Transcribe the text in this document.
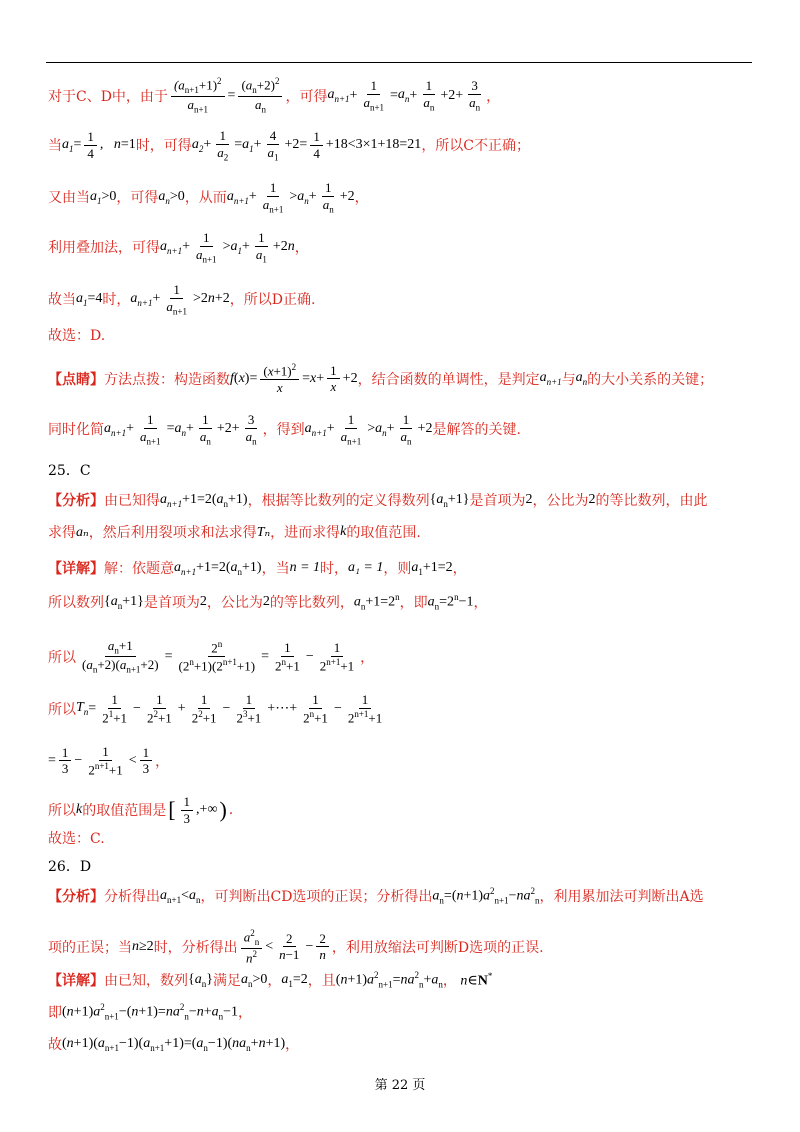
对于C、D中，由于 $\frac{(a_{n+1}+1)^2}{a_{n+1}} = \frac{(a_n+2)^2}{a_n}$ ，可得 $a_{n+1} + \frac{1}{a_{n+1}} = a_n + \frac{1}{a_n} +2+ \frac{3}{a_n}$ ，
当 $a_1 = \frac{1}{4}$ , n =1 时，可得 $a_2 + \frac{1}{a_2} = a_1 + \frac{4}{a_1} +2= \frac{1}{4} +18<3\times 1+18=21$ ，所以C不正确；
又由当 $a_1 >0$ ，可得 $a_n >0$ ，从而 $a_{n+1} + \frac{1}{a_{n+1}} > a_n + \frac{1}{a_n} +2$ ，
利用叠加法，可得 $a_{n+1} + \frac{1}{a_{n+1}} > a_1 + \frac{1}{a_1} +2n$ ，
故当 $a_1 =4$ 时， $a_{n+1} + \frac{1}{a_{n+1}} >2n+2$ ，所以D正确.
故选：D.
【点睛】 方法点拨：构造函数 f $(x)= \frac{(x+1)^2}{x} =x+ \frac{1}{x} +2$ ，结合函数的单调性，是判定 $a_{n+1}$ 与 $a_n$ 的大小关系的关键；
同时化简 $a_{n+1} + \frac{1}{a_{n+1}} = a_n + \frac{1}{a_n} +2+ \frac{3}{a_n}$ ，得到 $a_{n+1} + \frac{1}{a_{n+1}} > a_n + \frac{1}{a_n} +2$ 是解答的关键.
25．C
【分析】 由已知得 $a_{n+1} +1=2(a_n+1)$ ，根据等比数列的定义得数列 $\{a_n+1\}$ 是首项为 2 ，公比为 2 的等比数列，由此
求得 aₙ ，然后利用裂项求和法求得 Tₙ ，进而求得 k 的取值范围.
【详解】 解：依题意 $a_{n+1} +1=2(a_n+1)$ ，当 n = 1 时， a₁ = 1 ，则 $a_1+1=2$ ，
所以数列 $\{a_n+1\}$ 是首项为 2 ，公比为 2 的等比数列， $a_n+1=2^n$ ，即 $a_n=2^n-1$ ，
所以 $\frac{a_n+1}{(a_n+2)(a_{n+1}+2)} = \frac{2^n}{(2^n+1)(2^{n+1}+1)} = \frac{1}{2^n+1} - \frac{1}{2^{n+1}+1}$ ，
所以 $T_n = \frac{1}{2^1+1} - \frac{1}{2^2+1} + \frac{1}{2^2+1} - \frac{1}{2^3+1}$ +⋯+ $\frac{1}{2^n+1} - \frac{1}{2^{n+1}+1}$
= $\frac{1}{3} - \frac{1}{2^{n+1}+1} < \frac{1}{3}$ ，
所以 k 的取值范围是 [ $\frac{1}{3}$ ,+∞ ) .
故选：C.
26．D
【分析】 分析得出 $a_{n+1}<a_n$ ，可判断出CD选项的正误；分析得出 $a_n=(n+1)a^2_{n+1}-na^2_n$ ，利用累加法可判断出A选
项的正误；当 n≥2 时，分析得出 $\frac{a^2_n}{n^2} < \frac{2}{n-1} - \frac{2}{n}$ ，利用放缩法可判断D选项的正误.
【详解】 由已知，数列 $\{a_n\}$ 满足 $a_n>0$ ， $a_1=2$ ，且 $(n+1)a^2_{n+1}=na^2_n+a_n$ ， n∈N*
即 $(n+1)a^2_{n+1}-(n+1)=na^2_n-n+a_n-1$ ，
故 $(n+1)(a_{n+1}-1)(a_{n+1}+1)=(a_n-1)(na_n+n+1)$ ，
第 22 页
